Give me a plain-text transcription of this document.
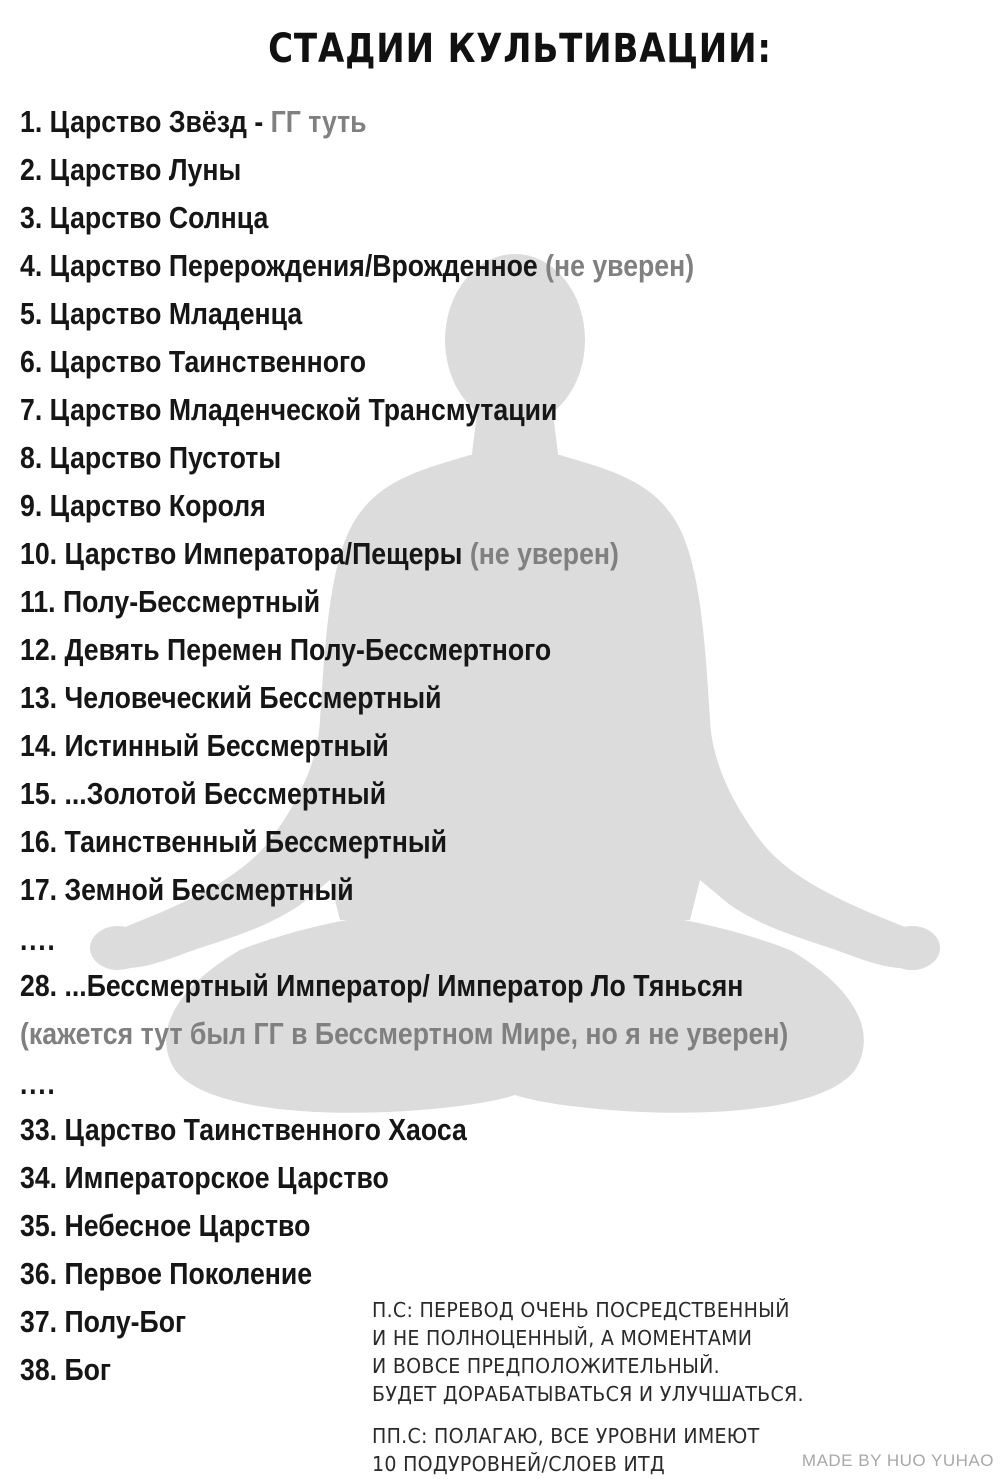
СТАДИИ КУЛЬТИВАЦИИ:
1. Царство Звёзд - ГГ туть
2. Царство Луны
3. Царство Солнца
4. Царство Перерождения/Врожденное (не уверен)
5. Царство Младенца
6. Царство Таинственного
7. Царство Младенческой Трансмутации
8. Царство Пустоты
9. Царство Короля
10. Царство Императора/Пещеры (не уверен)
11. Полу-Бессмертный
12. Девять Перемен Полу-Бессмертного
13. Человеческий Бессмертный
14. Истинный Бессмертный
15. ...Золотой Бессмертный
16. Таинственный Бессмертный
17. Земной Бессмертный
....
28. ...Бессмертный Император/ Император Ло Тяньсян
(кажется тут был ГГ в Бессмертном Мире, но я не уверен)
....
33. Царство Таинственного Хаоса
34. Императорское Царство
35. Небесное Царство
36. Первое Поколение
37. Полу-Бог
38. Бог
П.С: ПЕРЕВОД ОЧЕНЬ ПОСРЕДСТВЕННЫЙ
И НЕ ПОЛНОЦЕННЫЙ, А МОМЕНТАМИ
И ВОВСЕ ПРЕДПОЛОЖИТЕЛЬНЫЙ.
БУДЕТ ДОРАБАТЫВАТЬСЯ И УЛУЧШАТЬСЯ.
ПП.С: ПОЛАГАЮ, ВСЕ УРОВНИ ИМЕЮТ
10 ПОДУРОВНЕЙ/СЛОЕВ ИТД	MADE BY HUO YUHAO
